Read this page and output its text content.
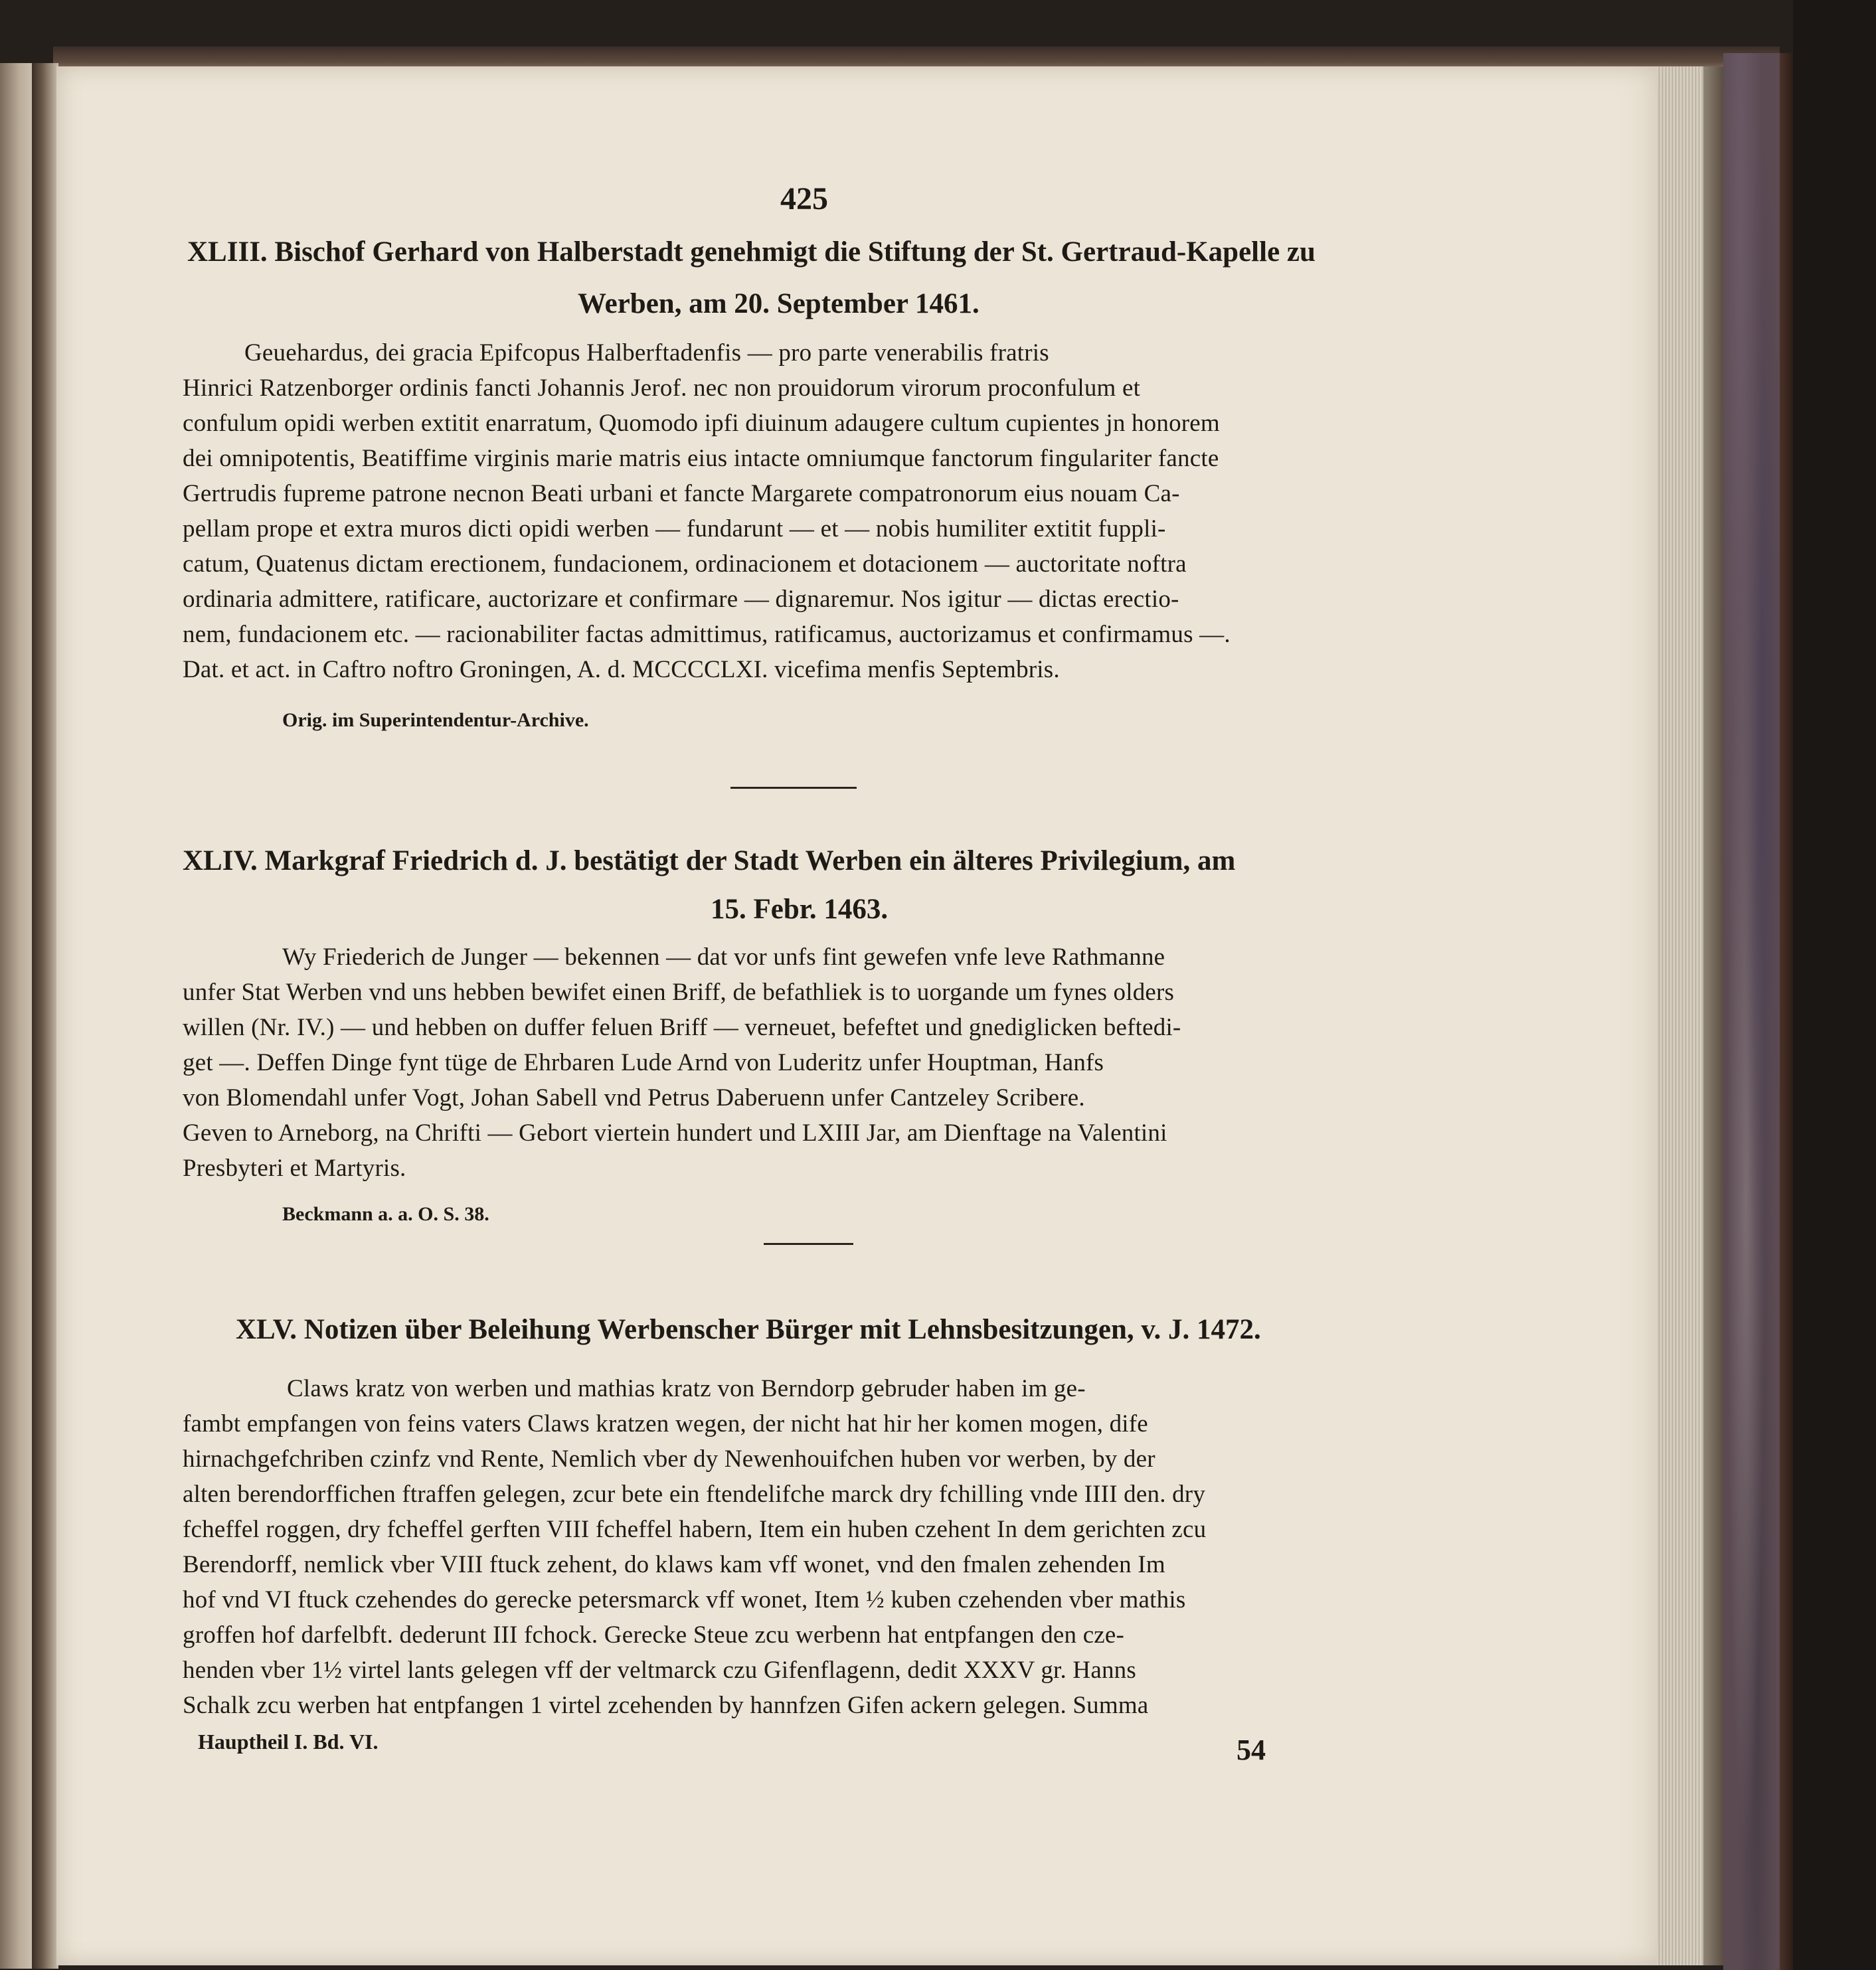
425
XLIII. Bischof Gerhard von Halberstadt genehmigt die Stiftung der St. Gertraud-Kapelle zu
Werben, am 20. September 1461.
Geuehardus, dei gracia Epifcopus Halberftadenfis — pro parte venerabilis fratris
Hinrici Ratzenborger ordinis fancti Johannis Jerof. nec non prouidorum virorum proconfulum et
confulum opidi werben extitit enarratum, Quomodo ipfi diuinum adaugere cultum cupientes jn honorem
dei omnipotentis, Beatiffime virginis marie matris eius intacte omniumque fanctorum fingulariter fancte
Gertrudis fupreme patrone necnon Beati urbani et fancte Margarete compatronorum eius nouam Ca-
pellam prope et extra muros dicti opidi werben — fundarunt — et — nobis humiliter extitit fuppli-
catum, Quatenus dictam erectionem, fundacionem, ordinacionem et dotacionem — auctoritate noftra
ordinaria admittere, ratificare, auctorizare et confirmare — dignaremur. Nos igitur — dictas erectio-
nem, fundacionem etc. — racionabiliter factas admittimus, ratificamus, auctorizamus et confirmamus —.
Dat. et act. in Caftro noftro Groningen, A. d. MCCCCLXI. vicefima menfis Septembris.
Orig. im Superintendentur-Archive.
XLIV. Markgraf Friedrich d. J. bestätigt der Stadt Werben ein älteres Privilegium, am
15. Febr. 1463.
Wy Friederich de Junger — bekennen — dat vor unfs fint gewefen vnfe leve Rathmanne
unfer Stat Werben vnd uns hebben bewifet einen Briff, de befathliek is to uorgande um fynes olders
willen (Nr. IV.) — und hebben on duffer feluen Briff — verneuet, befeftet und gnediglicken beftedi-
get —. Deffen Dinge fynt tüge de Ehrbaren Lude Arnd von Luderitz unfer Houptman, Hanfs
von Blomendahl unfer Vogt, Johan Sabell vnd Petrus Daberuenn unfer Cantzeley Scribere.
Geven to Arneborg, na Chrifti — Gebort viertein hundert und LXIII Jar, am Dienftage na Valentini
Presbyteri et Martyris.
Beckmann a. a. O. S. 38.
XLV. Notizen über Beleihung Werbenscher Bürger mit Lehnsbesitzungen, v. J. 1472.
Claws kratz von werben und mathias kratz von Berndorp gebruder haben im ge-
fambt empfangen von feins vaters Claws kratzen wegen, der nicht hat hir her komen mogen, dife
hirnachgefchriben czinfz vnd Rente, Nemlich vber dy Newenhouifchen huben vor werben, by der
alten berendorffichen ftraffen gelegen, zcur bete ein ftendelifche marck dry fchilling vnde IIII den. dry
fcheffel roggen, dry fcheffel gerften VIII fcheffel habern, Item ein huben czehent In dem gerichten zcu
Berendorff, nemlick vber VIII ftuck zehent, do klaws kam vff wonet, vnd den fmalen zehenden Im
hof vnd VI ftuck czehendes do gerecke petersmarck vff wonet, Item ½ kuben czehenden vber mathis
groffen hof darfelbft. dederunt III fchock. Gerecke Steue zcu werbenn hat entpfangen den cze-
henden vber 1½ virtel lants gelegen vff der veltmarck czu Gifenflagenn, dedit XXXV gr. Hanns
Schalk zcu werben hat entpfangen 1 virtel zcehenden by hannfzen Gifen ackern gelegen. Summa
Hauptheil I. Bd. VI.	54
